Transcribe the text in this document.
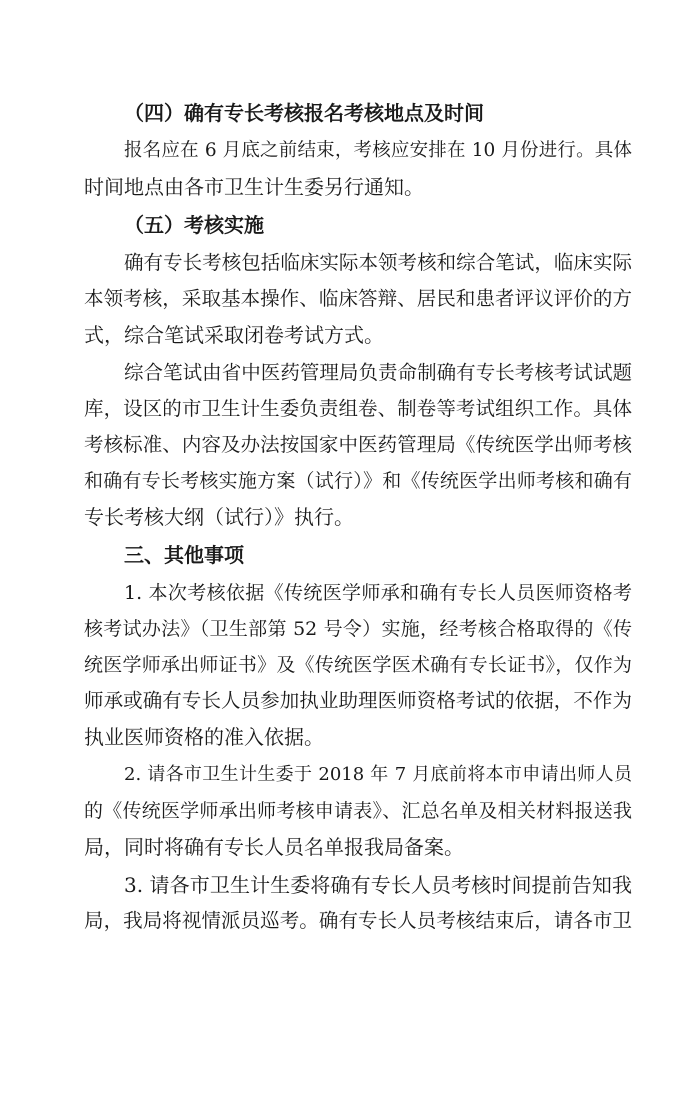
（四）确有专长考核报名考核地点及时间
报名应在 6 月底之前结束，考核应安排在 10 月份进行。具体
时间地点由各市卫生计生委另行通知。
（五）考核实施
确有专长考核包括临床实际本领考核和综合笔试，临床实际
本领考核，采取基本操作、临床答辩、居民和患者评议评价的方
式，综合笔试采取闭卷考试方式。
综合笔试由省中医药管理局负责命制确有专长考核考试试题
库，设区的市卫生计生委负责组卷、制卷等考试组织工作。具体
考核标准、内容及办法按国家中医药管理局《传统医学出师考核
和确有专长考核实施方案（试行）》和《传统医学出师考核和确有
专长考核大纲（试行）》执行。
三、其他事项
1. 本次考核依据《传统医学师承和确有专长人员医师资格考
核考试办法》（卫生部第 52 号令）实施，经考核合格取得的《传
统医学师承出师证书》及《传统医学医术确有专长证书》，仅作为
师承或确有专长人员参加执业助理医师资格考试的依据，不作为
执业医师资格的准入依据。
2. 请各市卫生计生委于 2018 年 7 月底前将本市申请出师人员
的《传统医学师承出师考核申请表》、汇总名单及相关材料报送我
局，同时将确有专长人员名单报我局备案。
3. 请各市卫生计生委将确有专长人员考核时间提前告知我
局，我局将视情派员巡考。确有专长人员考核结束后，请各市卫
